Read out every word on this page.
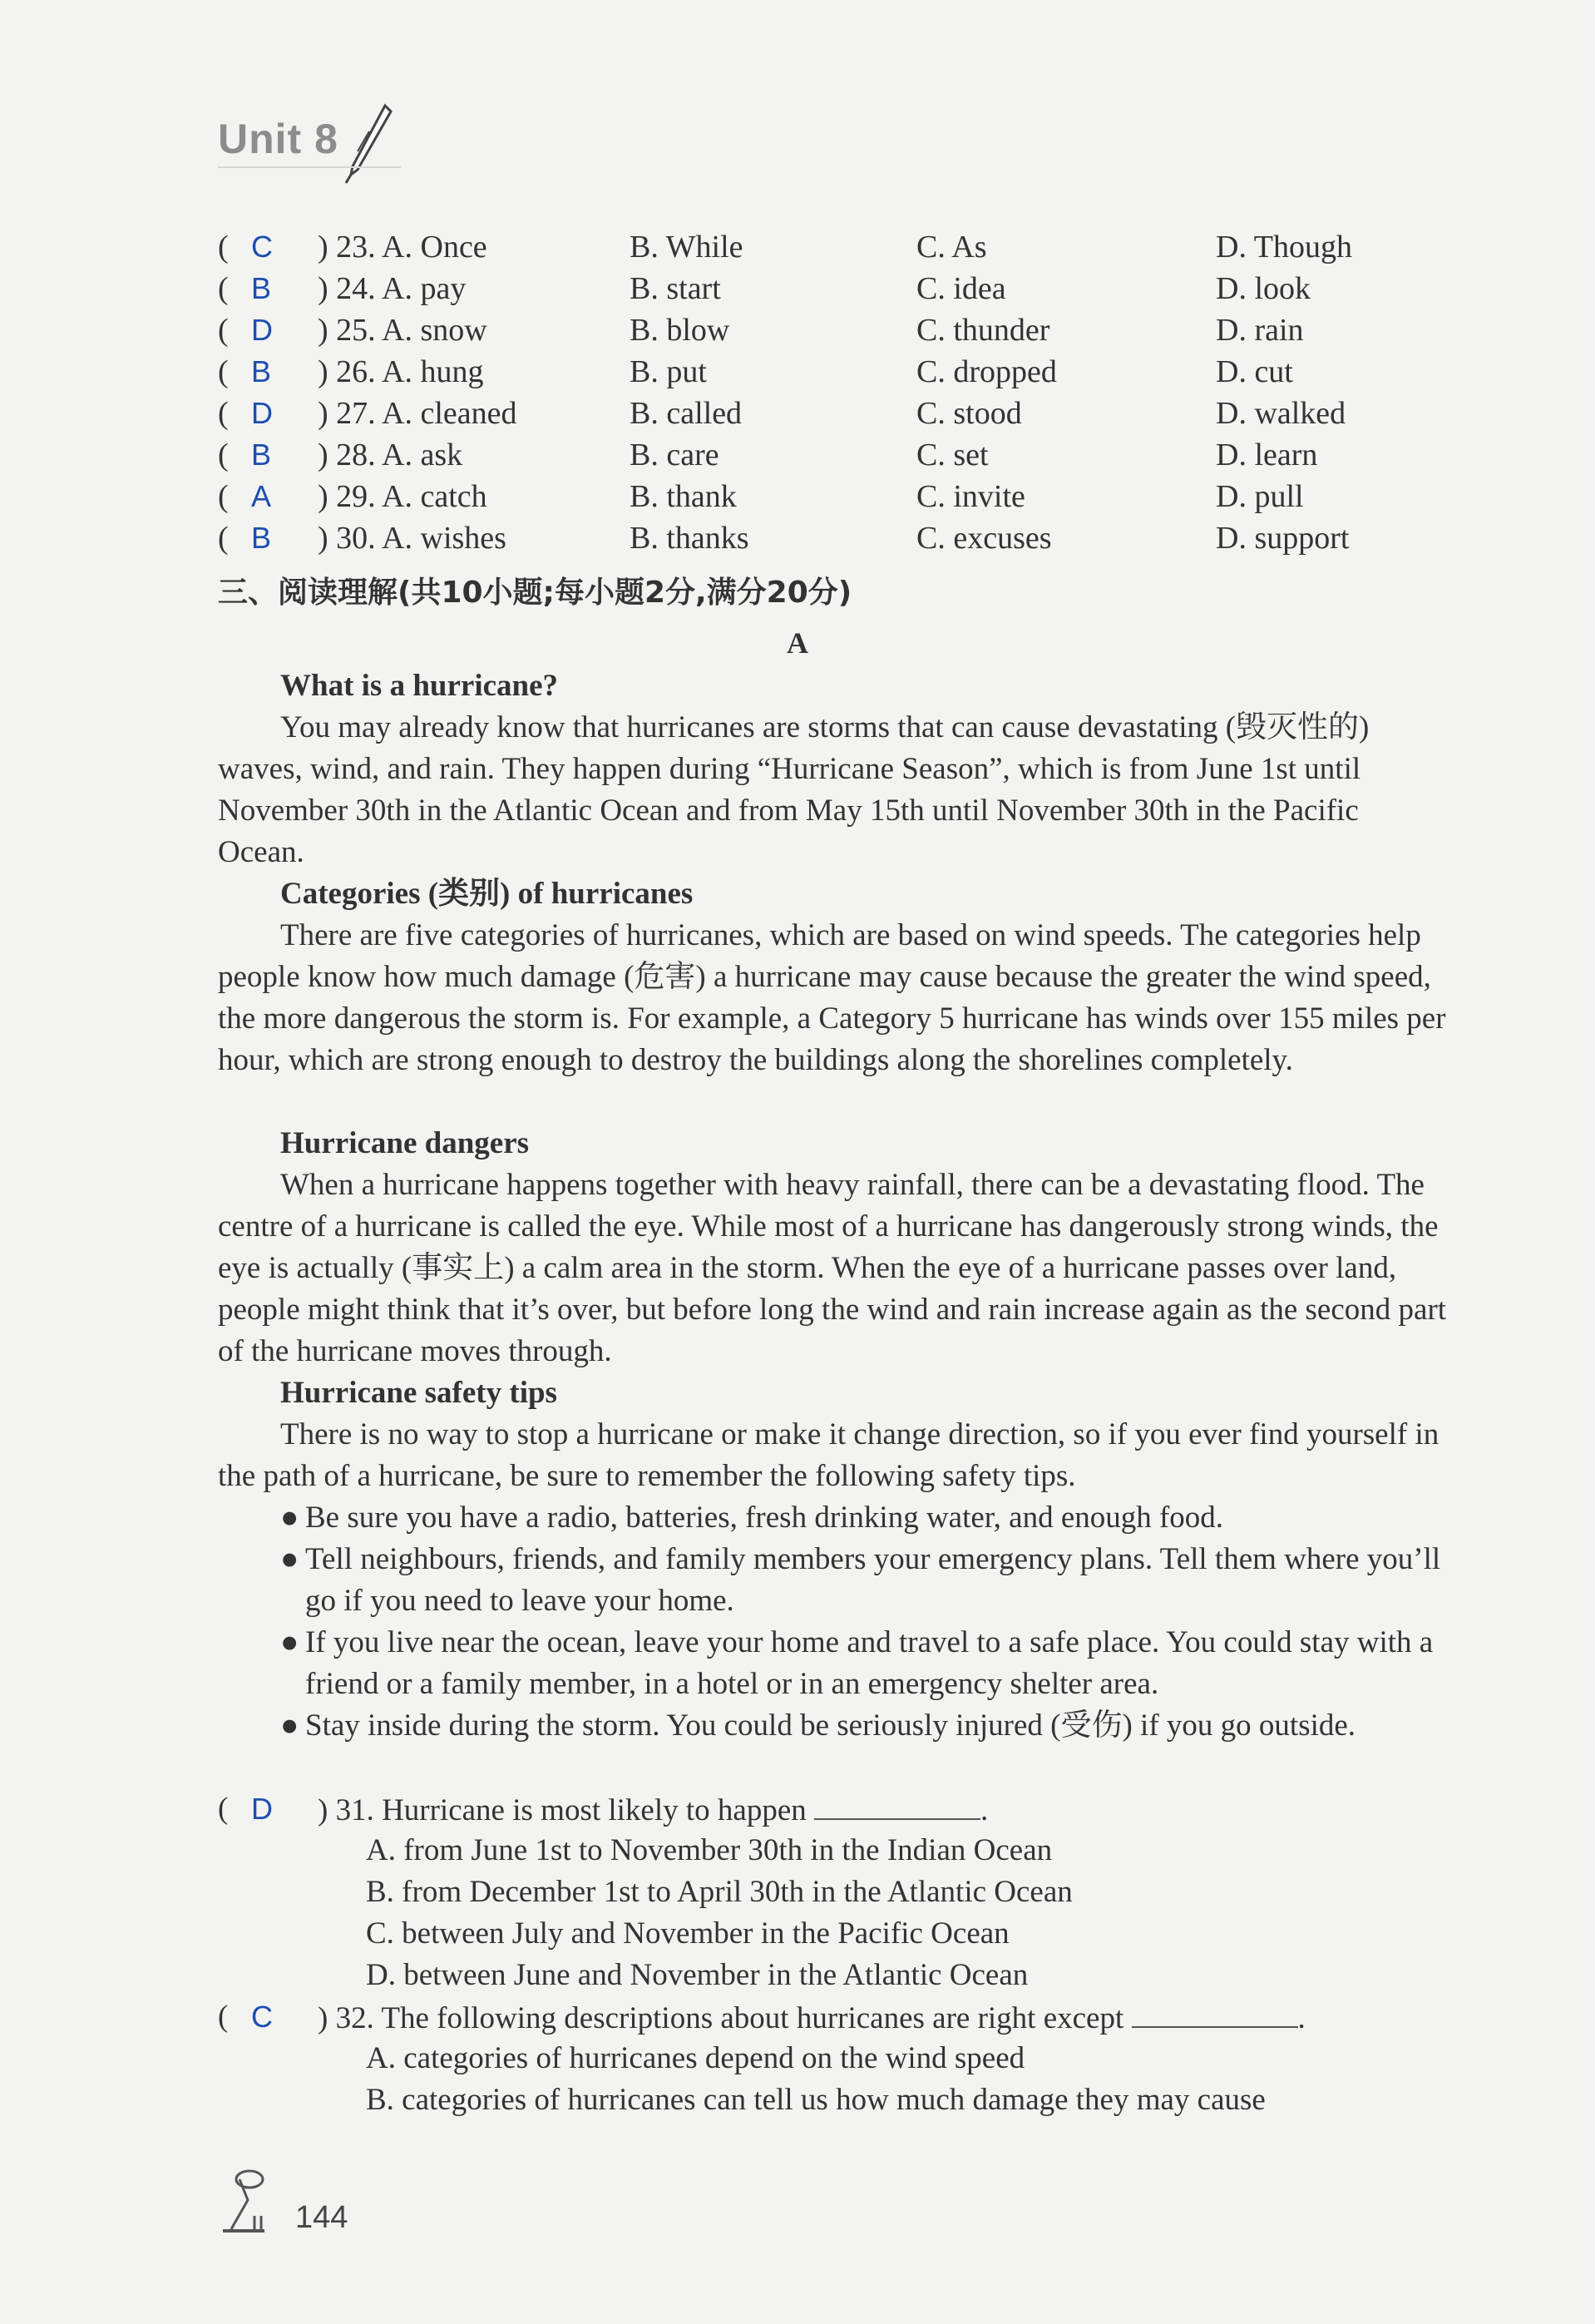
Unit 8
( C ) 23. A. Once	B. While	C. As	D. Though
( B ) 24. A. pay	B. start	C. idea	D. look
( D ) 25. A. snow	B. blow	C. thunder	D. rain
( B ) 26. A. hung	B. put	C. dropped	D. cut
( D ) 27. A. cleaned	B. called	C. stood	D. walked
( B ) 28. A. ask	B. care	C. set	D. learn
( A ) 29. A. catch	B. thank	C. invite	D. pull
( B ) 30. A. wishes	B. thanks	C. excuses	D. support
三、阅读理解(共10小题;每小题2分,满分20分)
A
What is a hurricane?
You may already know that hurricanes are storms that can cause devastating (毁灭性的) waves, wind, and rain. They happen during “Hurricane Season”, which is from June 1st until November 30th in the Atlantic Ocean and from May 15th until November 30th in the Pacific Ocean.
Categories (类别) of hurricanes
There are five categories of hurricanes, which are based on wind speeds. The categories help people know how much damage (危害) a hurricane may cause because the greater the wind speed, the more dangerous the storm is. For example, a Category 5 hurricane has winds over 155 miles per hour, which are strong enough to destroy the buildings along the shorelines completely.
Hurricane dangers
When a hurricane happens together with heavy rainfall, there can be a devastating flood. The centre of a hurricane is called the eye. While most of a hurricane has dangerously strong winds, the eye is actually (事实上) a calm area in the storm. When the eye of a hurricane passes over land, people might think that it’s over, but before long the wind and rain increase again as the second part of the hurricane moves through.
Hurricane safety tips
There is no way to stop a hurricane or make it change direction, so if you ever find yourself in the path of a hurricane, be sure to remember the following safety tips.
● Be sure you have a radio, batteries, fresh drinking water, and enough food.
● Tell neighbours, friends, and family members your emergency plans. Tell them where you’ll go if you need to leave your home.
● If you live near the ocean, leave your home and travel to a safe place. You could stay with a friend or a family member, in a hotel or in an emergency shelter area.
● Stay inside during the storm. You could be seriously injured (受伤) if you go outside.
( D ) 31. Hurricane is most likely to happen	.
A. from June 1st to November 30th in the Indian Ocean
B. from December 1st to April 30th in the Atlantic Ocean
C. between July and November in the Pacific Ocean
D. between June and November in the Atlantic Ocean
( C ) 32. The following descriptions about hurricanes are right except	.
A. categories of hurricanes depend on the wind speed
B. categories of hurricanes can tell us how much damage they may cause
144
